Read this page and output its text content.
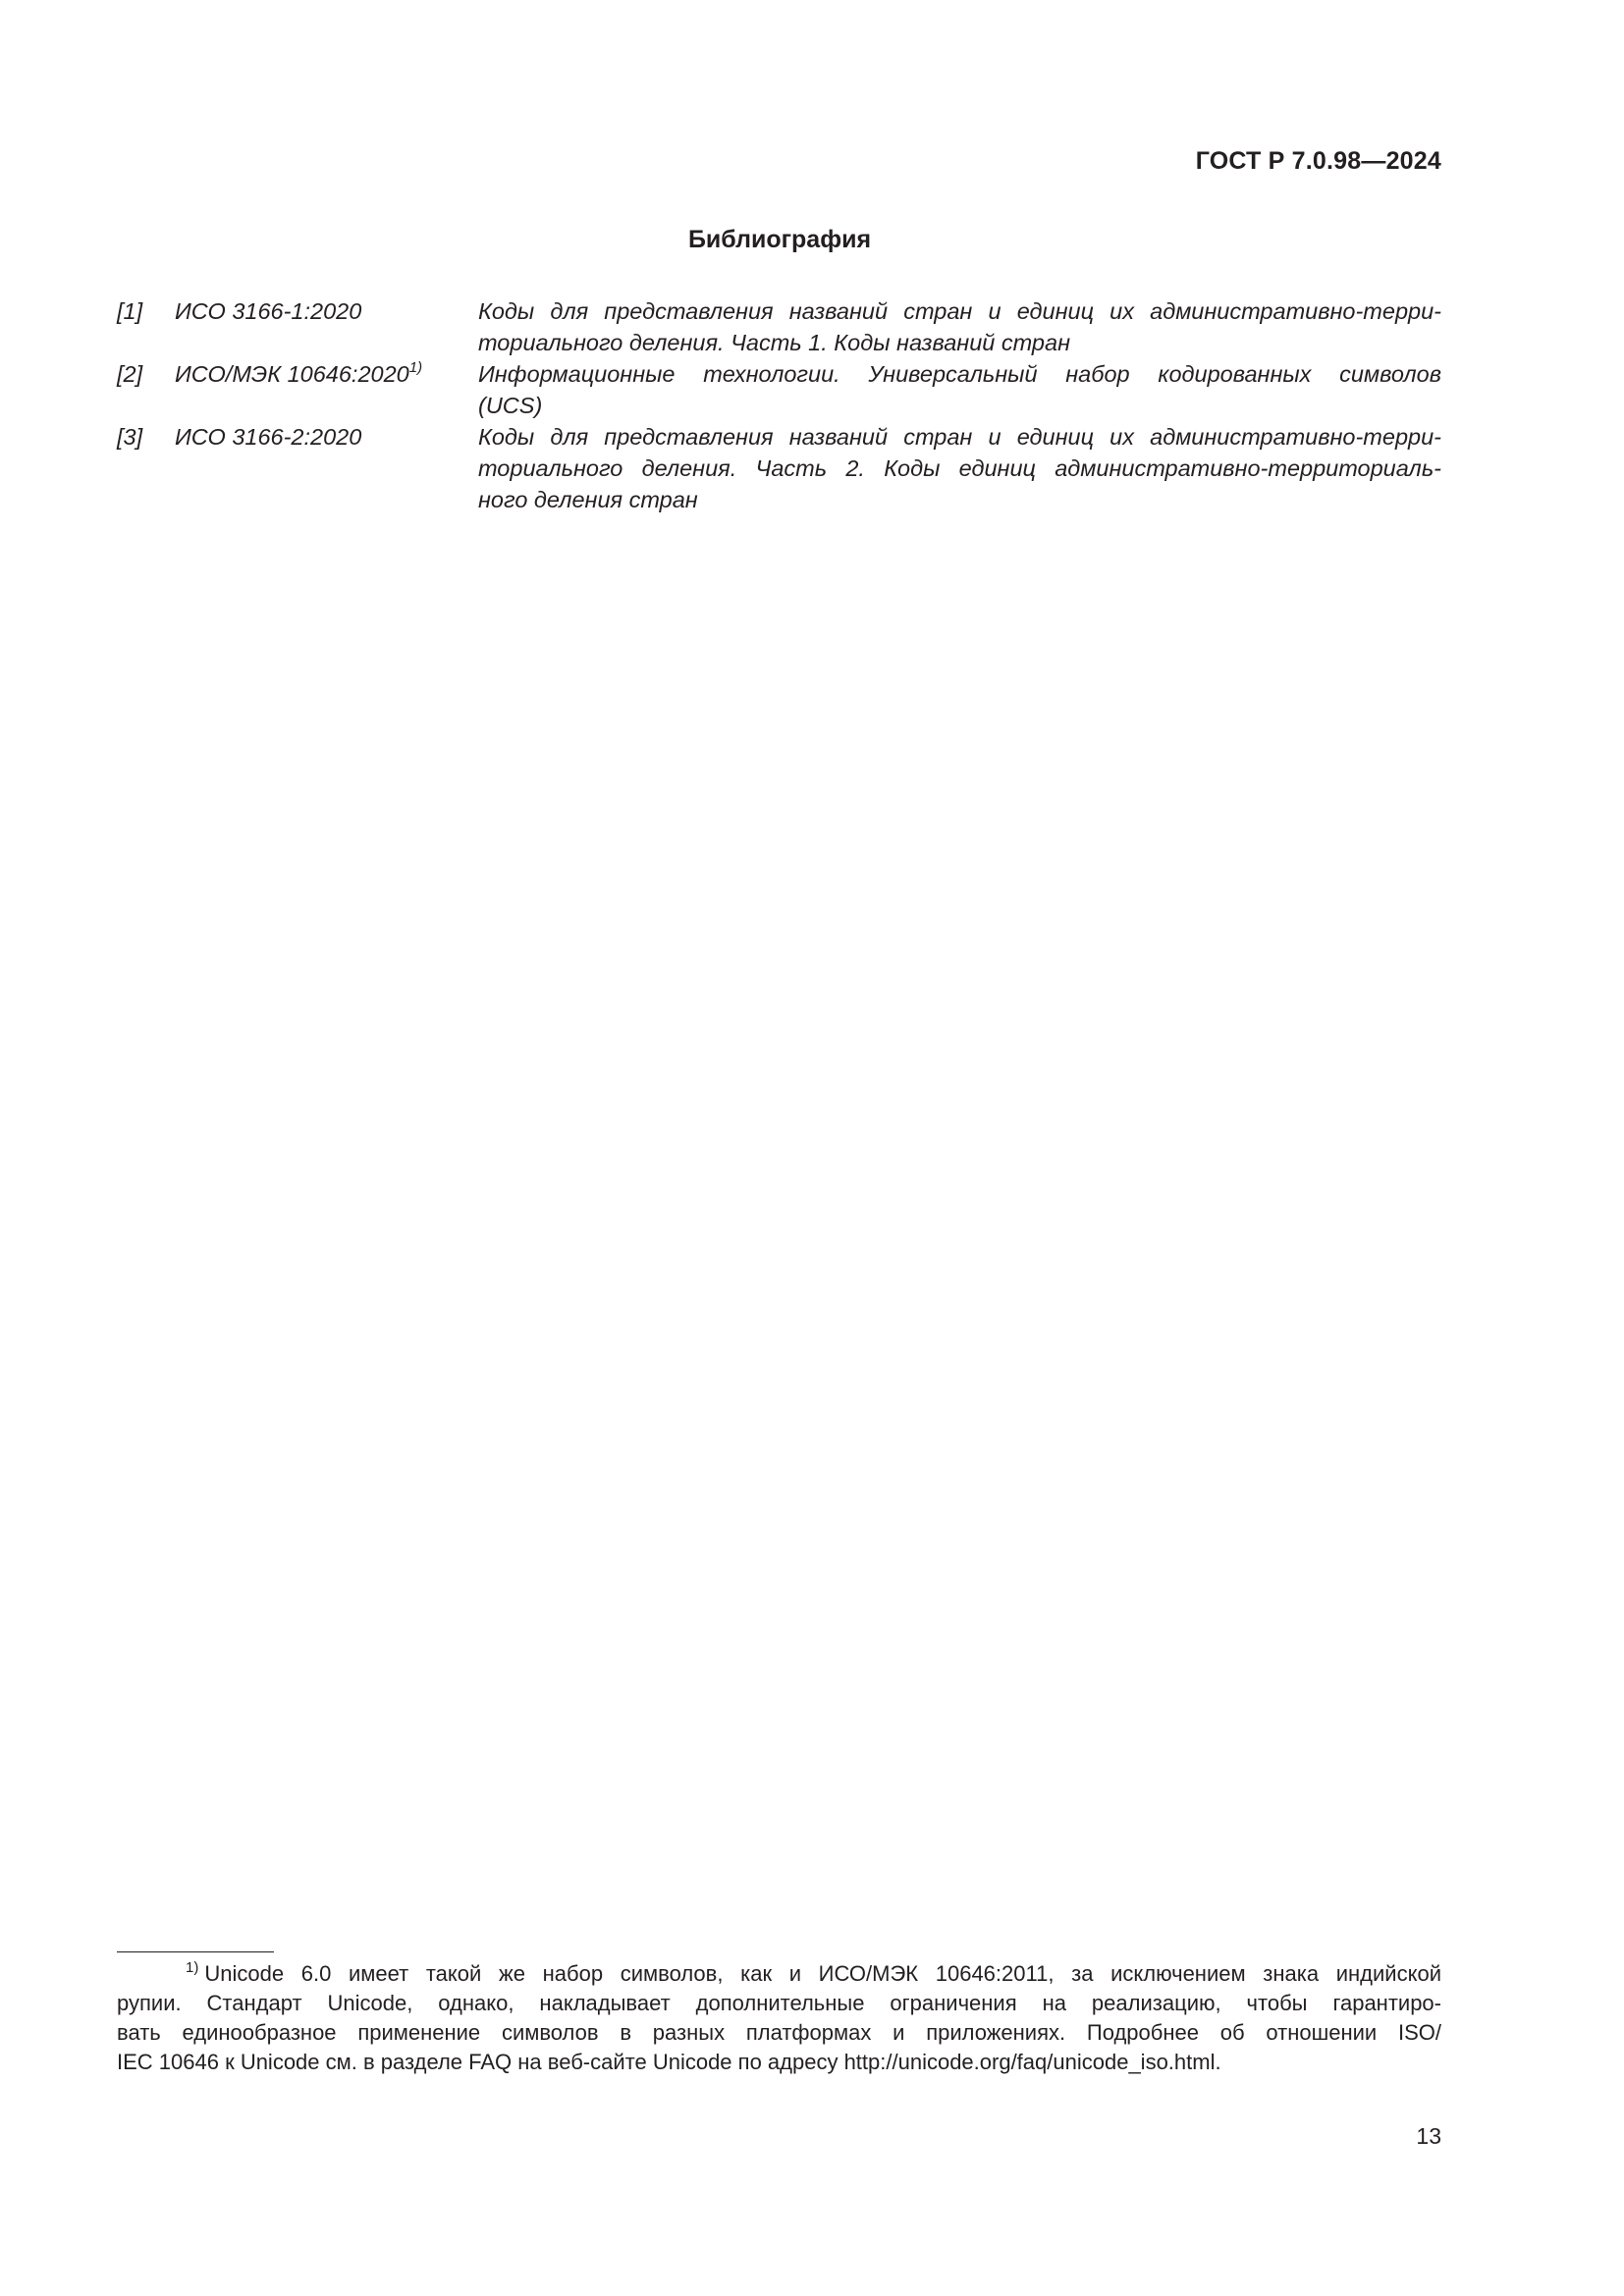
ГОСТ Р 7.0.98—2024
Библиография
[1]	ИСО 3166-1:2020	Коды для представления названий стран и единиц их административно-терри-
ториального деления. Часть 1. Коды названий стран
[2]	ИСО/МЭК 10646:2020$^{1)}$	Информационные технологии. Универсальный набор кодированных символов
(UCS)
[3]	ИСО 3166-2:2020	Коды для представления названий стран и единиц их административно-терри-
ториального деления. Часть 2. Коды единиц административно-территориаль-
ного деления стран
$^{1)}$ Unicode 6.0 имеет такой же набор символов, как и ИСО/МЭК 10646:2011, за исключением знака индийской
рупии. Стандарт Unicode, однако, накладывает дополнительные ограничения на реализацию, чтобы гарантиро-
вать единообразное применение символов в разных платформах и приложениях. Подробнее об отношении ISO/
IEC 10646 к Unicode см. в разделе FAQ на веб-сайте Unicode по адресу http://unicode.org/faq/unicode_iso.html.
13
